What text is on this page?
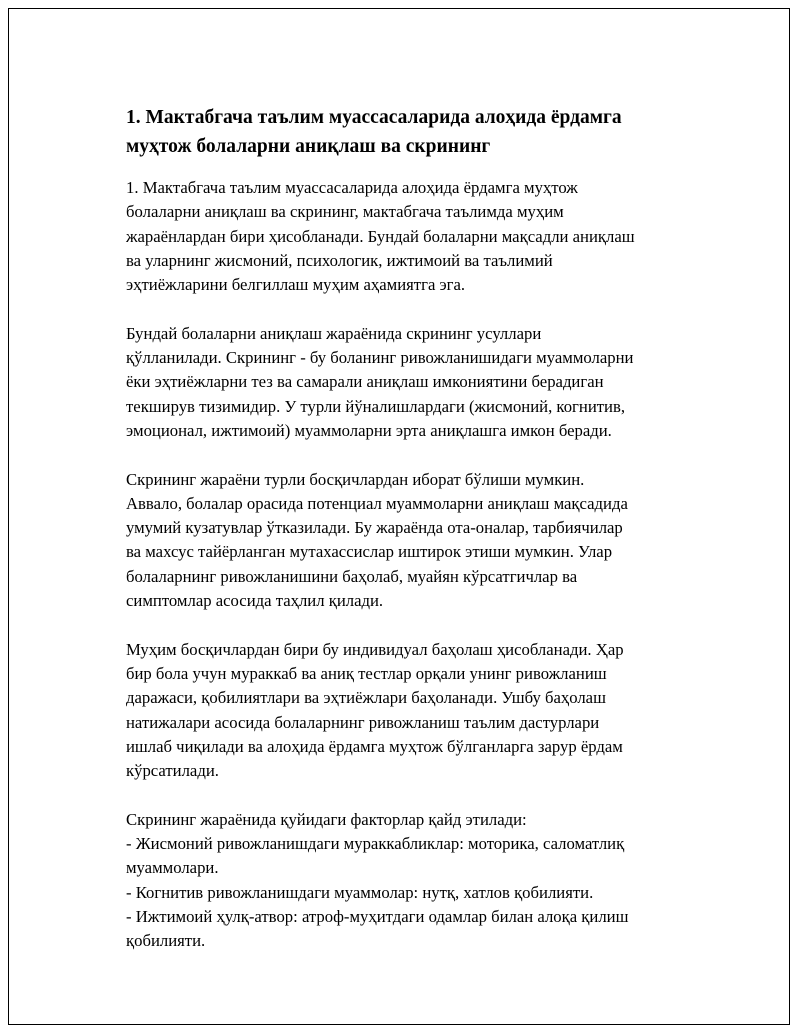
1. Мактабгача таълим муассасаларида алоҳида ёрдамга
муҳтож болаларни аниқлаш ва скрининг

1. Мактабгача таълим муассасаларида алоҳида ёрдамга муҳтож
болаларни аниқлаш ва скрининг, мактабгача таълимда муҳим
жараёнлардан бири ҳисобланади. Бундай болаларни мақсадли аниқлаш
ва уларнинг жисмоний, психологик, ижтимоий ва таълимий
эҳтиёжларини белгиллаш муҳим аҳамиятга эга.

Бундай болаларни аниқлаш жараёнида скрининг усуллари
қўлланилади. Скрининг - бу боланинг ривожланишидаги муаммоларни
ёки эҳтиёжларни тез ва самарали аниқлаш имкониятини берадиган
текширув тизимидир. У турли йўналишлардаги (жисмоний, когнитив,
эмоционал, ижтимоий) муаммоларни эрта аниқлашга имкон беради.

Скрининг жараёни турли босқичлардан иборат бўлиши мумкин.
Аввало, болалар орасида потенциал муаммоларни аниқлаш мақсадида
умумий кузатувлар ўтказилади. Бу жараёнда ота-оналар, тарбиячилар
ва махсус тайёрланган мутахассислар иштирок этиши мумкин. Улар
болаларнинг ривожланишини баҳолаб, муайян кўрсатгичлар ва
симптомлар асосида таҳлил қилади.

Муҳим босқичлардан бири бу индивидуал баҳолаш ҳисобланади. Ҳар
бир бола учун мураккаб ва аниқ тестлар орқали унинг ривожланиш
даражаси, қобилиятлари ва эҳтиёжлари баҳоланади. Ушбу баҳолаш
натижалари асосида болаларнинг ривожланиш таълим дастурлари
ишлаб чиқилади ва алоҳида ёрдамга муҳтож бўлганларга зарур ёрдам
кўрсатилади.

Скрининг жараёнида қуйидаги факторлар қайд этилади:
- Жисмоний ривожланишдаги мураккабликлар: моторика, саломатлиқ
муаммолари.
- Когнитив ривожланишдаги муаммолар: нутқ, хатлов қобилияти.
- Ижтимоий ҳулқ-атвор: атроф-муҳитдаги одамлар билан алоқа қилиш
қобилияти.
